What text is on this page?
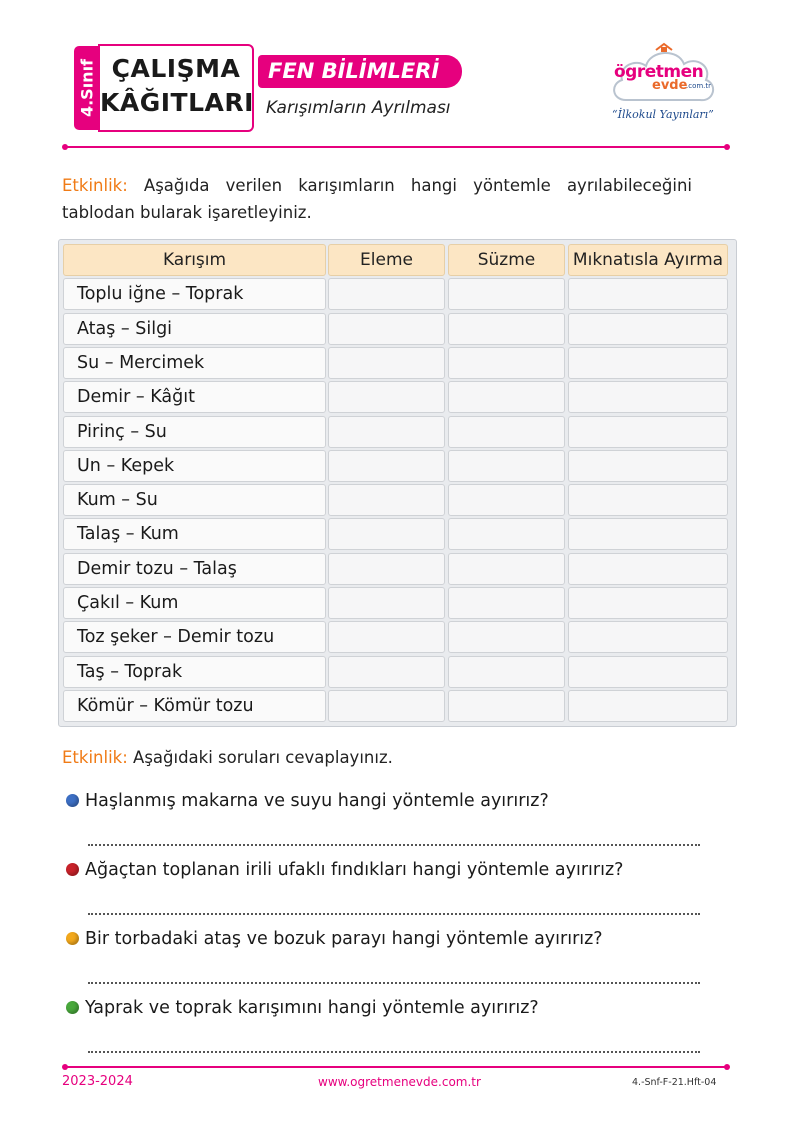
4.Sınıf ÇALIŞMA
KÂĞITLARI
FEN BİLİMLERİ
Karışımların Ayrılması
ögretmen
evde
.com.tr
“İlkokul Yayınları”
Etkinlik: Aşağıda verilen karışımların hangi yöntemle ayrılabileceğini tablodan bularak işaretleyiniz.
Karışım	Eleme	Süzme	Mıknatısla Ayırma
Toplu iğne – Toprak
Ataş – Silgi
Su – Mercimek
Demir – Kâğıt
Pirinç – Su
Un – Kepek
Kum – Su
Talaş – Kum
Demir tozu – Talaş
Çakıl – Kum
Toz şeker – Demir tozu
Taş – Toprak
Kömür – Kömür tozu
Etkinlik: Aşağıdaki soruları cevaplayınız.
Haşlanmış makarna ve suyu hangi yöntemle ayırırız?
Ağaçtan toplanan irili ufaklı fındıkları hangi yöntemle ayırırız?
Bir torbadaki ataş ve bozuk parayı hangi yöntemle ayırırız?
Yaprak ve toprak karışımını hangi yöntemle ayırırız?
2023-2024	www.ogretmenevde.com.tr	4.-Snf-F-21.Hft-04
